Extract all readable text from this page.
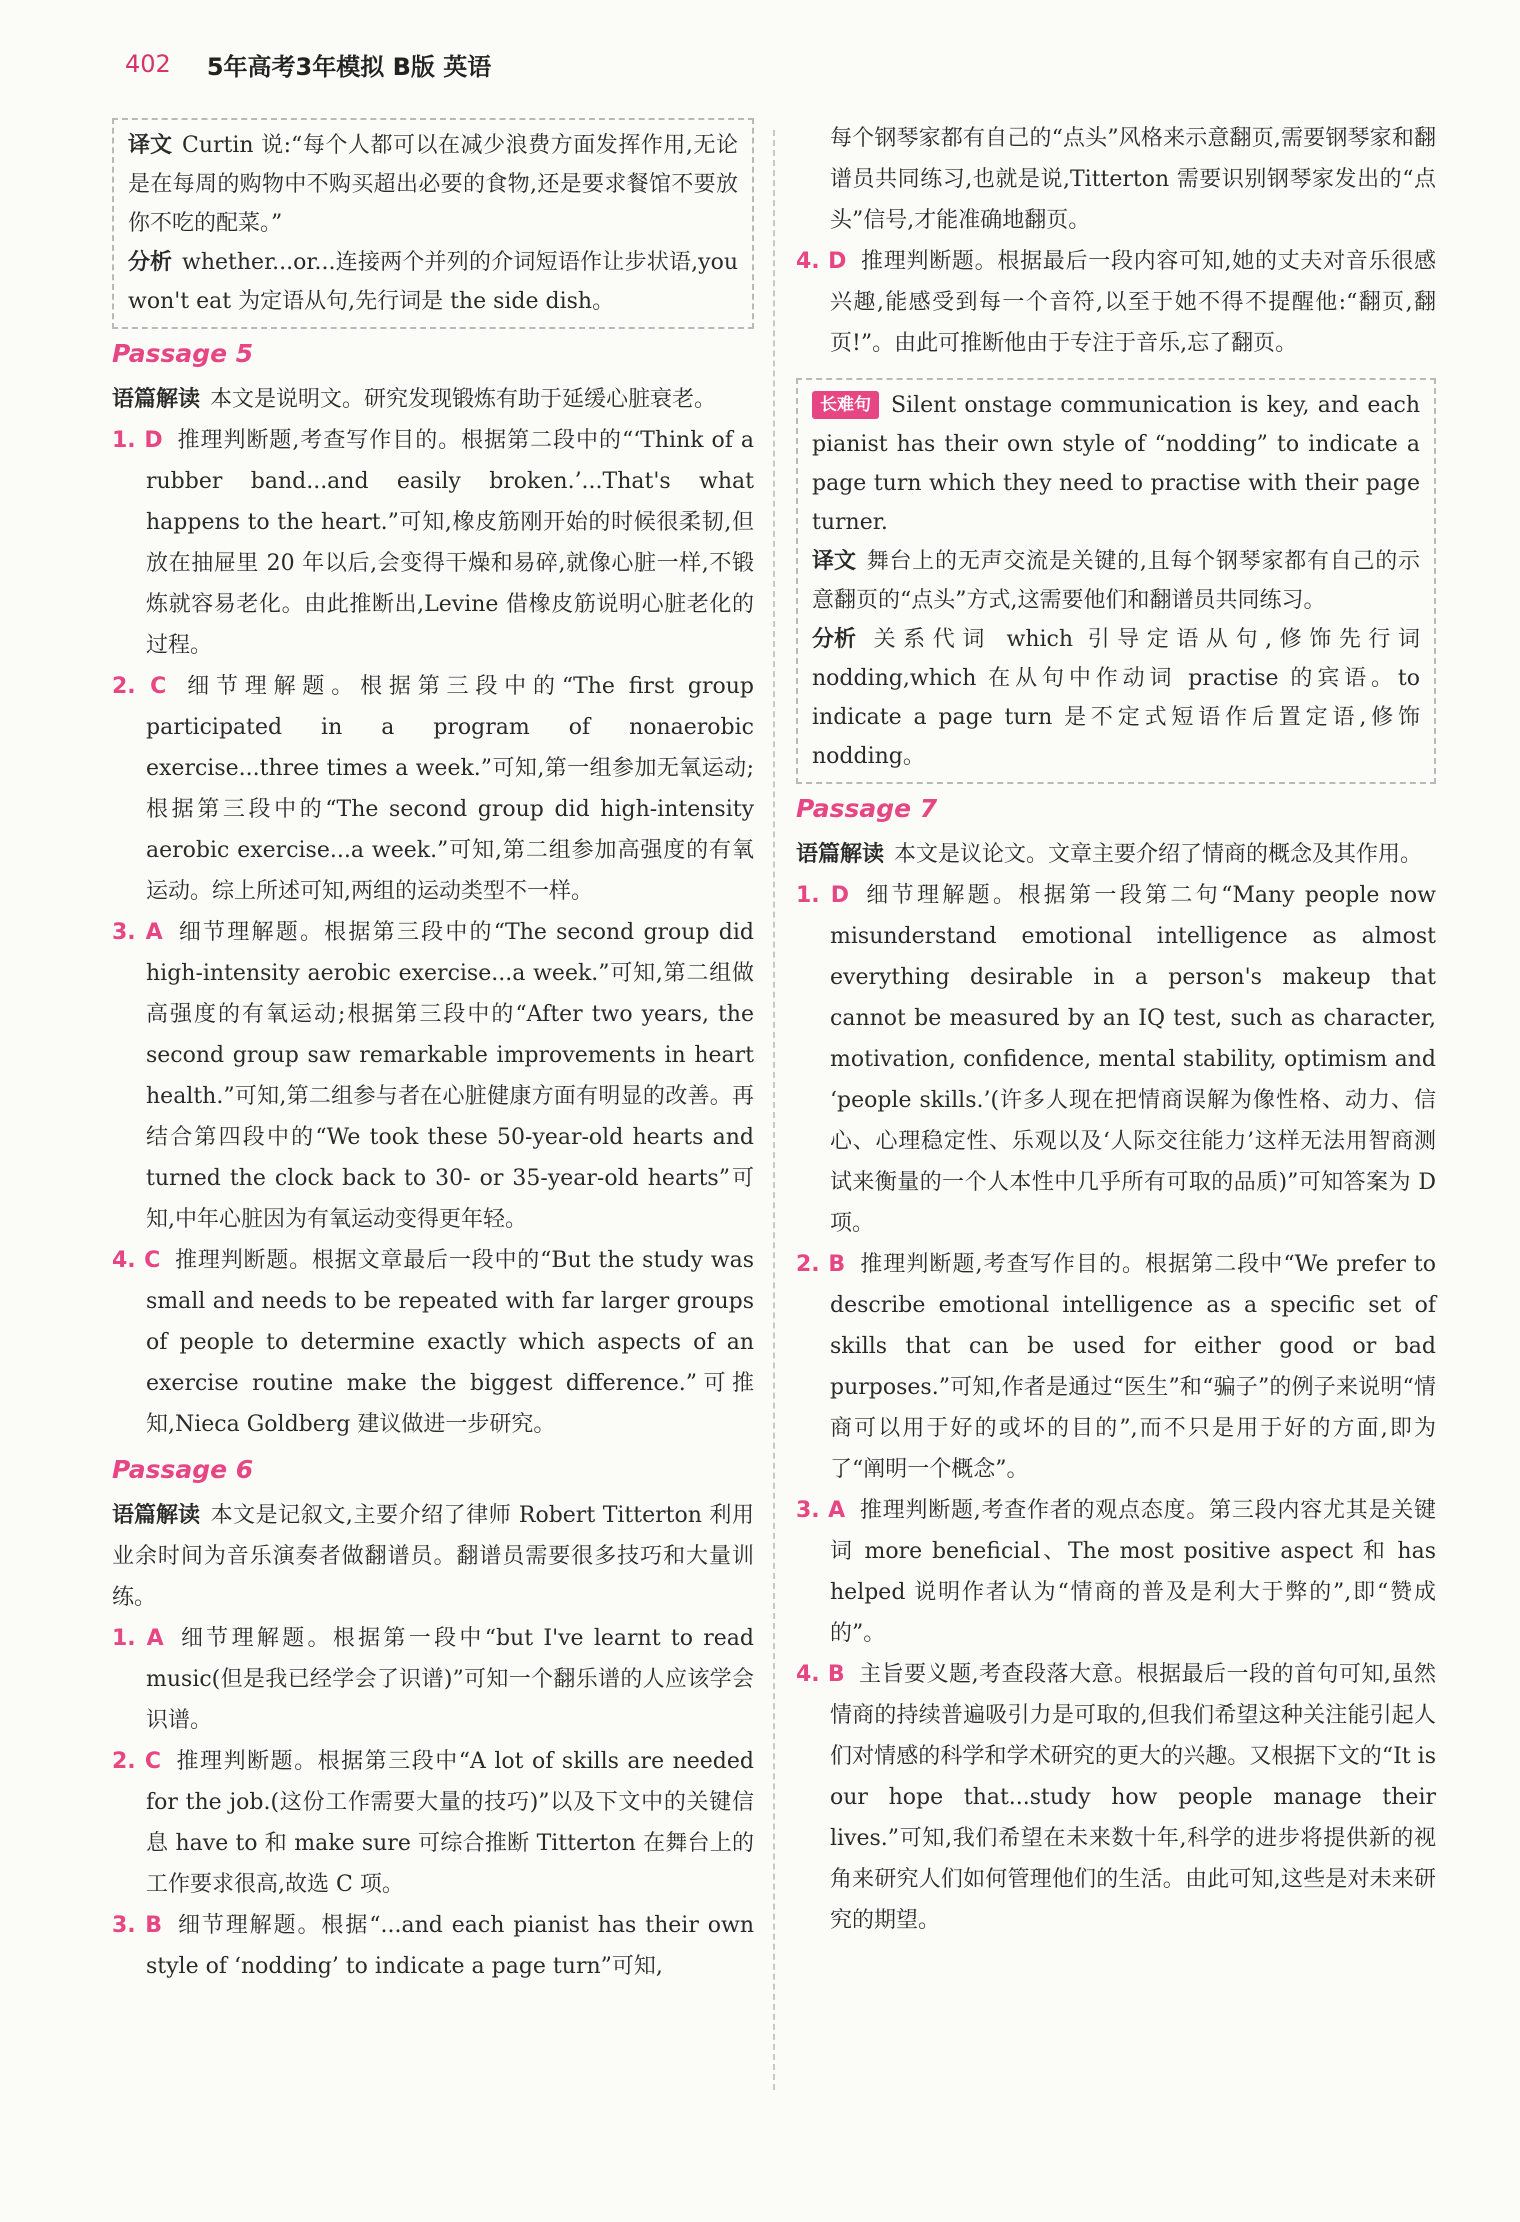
402 5年高考3年模拟 B版 英语

译文 Curtin 说:“每个人都可以在减少浪费方面发挥作用,无论是在每周的购物中不购买超出必要的食物,还是要求餐馆不要放你不吃的配菜。”

分析 whether...or...连接两个并列的介词短语作让步状语,you won't eat 为定语从句,先行词是 the side dish。

Passage 5

语篇解读 本文是说明文。研究发现锻炼有助于延缓心脏衰老。

1. D 推理判断题,考查写作目的。根据第二段中的“‘Think of a rubber band...and easily broken.’...That's what happens to the heart.”可知,橡皮筋刚开始的时候很柔韧,但放在抽屉里 20 年以后,会变得干燥和易碎,就像心脏一样,不锻炼就容易老化。由此推断出,Levine 借橡皮筋说明心脏老化的过程。

2. C 细节理解题。根据第三段中的“The first group participated in a program of nonaerobic exercise...three times a week.”可知,第一组参加无氧运动;根据第三段中的“The second group did high-intensity aerobic exercise...a week.”可知,第二组参加高强度的有氧运动。综上所述可知,两组的运动类型不一样。

3. A 细节理解题。根据第三段中的“The second group did high-intensity aerobic exercise...a week.”可知,第二组做高强度的有氧运动;根据第三段中的“After two years, the second group saw remarkable improvements in heart health.”可知,第二组参与者在心脏健康方面有明显的改善。再结合第四段中的“We took these 50-year-old hearts and turned the clock back to 30- or 35-year-old hearts”可知,中年心脏因为有氧运动变得更年轻。

4. C 推理判断题。根据文章最后一段中的“But the study was small and needs to be repeated with far larger groups of people to determine exactly which aspects of an exercise routine make the biggest difference.”可推知,Nieca Goldberg 建议做进一步研究。

Passage 6

语篇解读 本文是记叙文,主要介绍了律师 Robert Titterton 利用业余时间为音乐演奏者做翻谱员。翻谱员需要很多技巧和大量训练。

1. A 细节理解题。根据第一段中“but I've learnt to read music(但是我已经学会了识谱)”可知一个翻乐谱的人应该学会识谱。

2. C 推理判断题。根据第三段中“A lot of skills are needed for the job.(这份工作需要大量的技巧)”以及下文中的关键信息 have to 和 make sure 可综合推断 Titterton 在舞台上的工作要求很高,故选 C 项。

3. B 细节理解题。根据“...and each pianist has their own style of ‘nodding’ to indicate a page turn”可知,

每个钢琴家都有自己的“点头”风格来示意翻页,需要钢琴家和翻谱员共同练习,也就是说,Titterton 需要识别钢琴家发出的“点头”信号,才能准确地翻页。

4. D 推理判断题。根据最后一段内容可知,她的丈夫对音乐很感兴趣,能感受到每一个音符,以至于她不得不提醒他:“翻页,翻页!”。由此可推断他由于专注于音乐,忘了翻页。

长难句 Silent onstage communication is key, and each pianist has their own style of “nodding” to indicate a page turn which they need to practise with their page turner.

译文 舞台上的无声交流是关键的,且每个钢琴家都有自己的示意翻页的“点头”方式,这需要他们和翻谱员共同练习。

分析 关系代词 which 引导定语从句,修饰先行词 nodding,which 在从句中作动词 practise 的宾语。to indicate a page turn 是不定式短语作后置定语,修饰 nodding。

Passage 7

语篇解读 本文是议论文。文章主要介绍了情商的概念及其作用。

1. D 细节理解题。根据第一段第二句“Many people now misunderstand emotional intelligence as almost everything desirable in a person's makeup that cannot be measured by an IQ test, such as character, motivation, confidence, mental stability, optimism and ‘people skills.’(许多人现在把情商误解为像性格、动力、信心、心理稳定性、乐观以及‘人际交往能力’这样无法用智商测试来衡量的一个人本性中几乎所有可取的品质)”可知答案为 D 项。

2. B 推理判断题,考查写作目的。根据第二段中“We prefer to describe emotional intelligence as a specific set of skills that can be used for either good or bad purposes.”可知,作者是通过“医生”和“骗子”的例子来说明“情商可以用于好的或坏的目的”,而不只是用于好的方面,即为了“阐明一个概念”。

3. A 推理判断题,考查作者的观点态度。第三段内容尤其是关键词 more beneficial、The most positive aspect 和 has helped 说明作者认为“情商的普及是利大于弊的”,即“赞成的”。

4. B 主旨要义题,考查段落大意。根据最后一段的首句可知,虽然情商的持续普遍吸引力是可取的,但我们希望这种关注能引起人们对情感的科学和学术研究的更大的兴趣。又根据下文的“It is our hope that...study how people manage their lives.”可知,我们希望在未来数十年,科学的进步将提供新的视角来研究人们如何管理他们的生活。由此可知,这些是对未来研究的期望。
